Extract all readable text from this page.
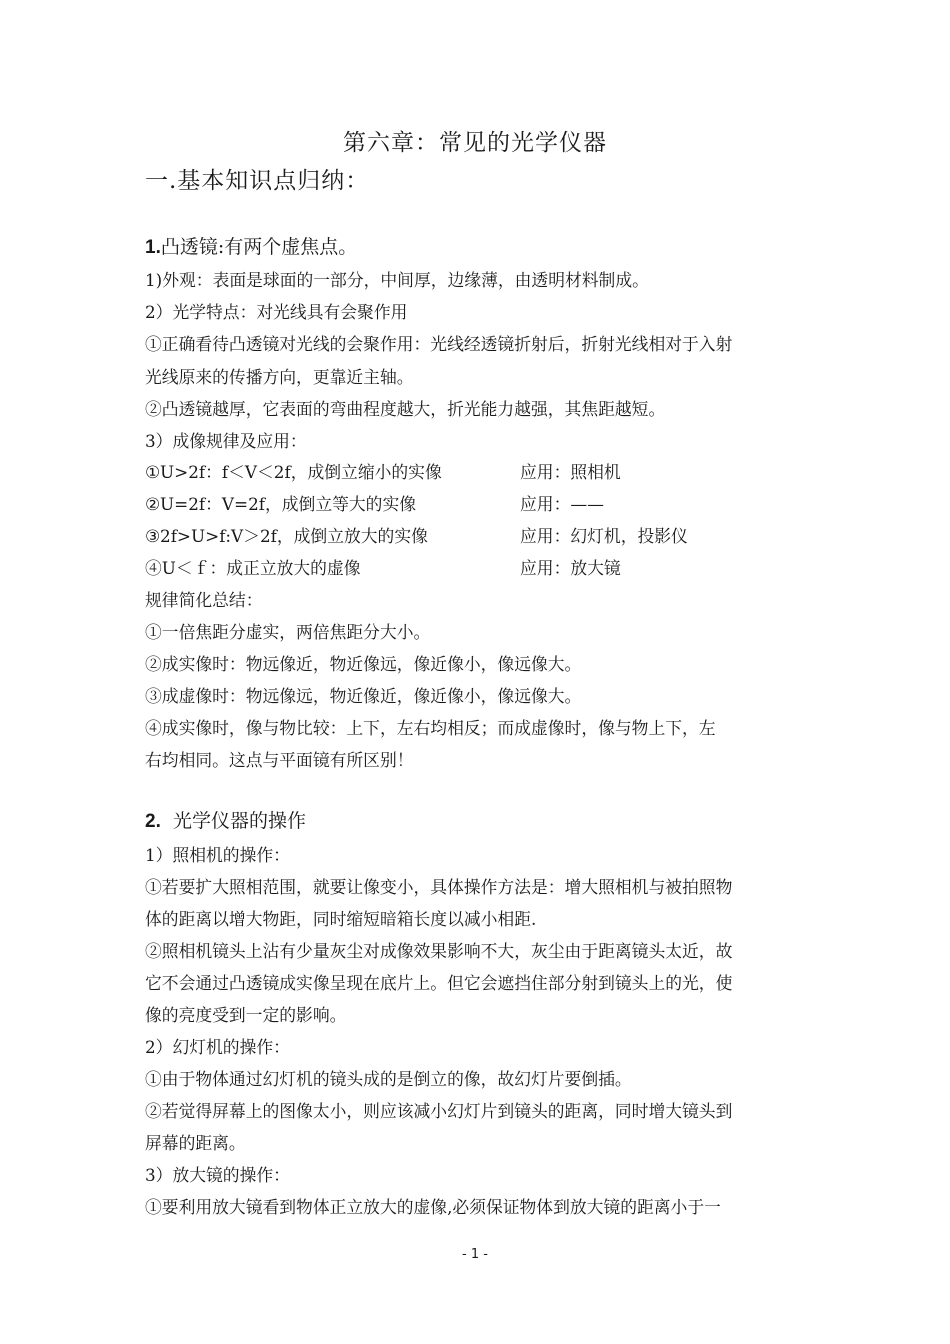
第六章：常见的光学仪器
一.基本知识点归纳：
1.凸透镜:有两个虚焦点。
1)外观：表面是球面的一部分，中间厚，边缘薄，由透明材料制成。
2）光学特点：对光线具有会聚作用
①正确看待凸透镜对光线的会聚作用：光线经透镜折射后，折射光线相对于入射
光线原来的传播方向，更靠近主轴。
②凸透镜越厚，它表面的弯曲程度越大，折光能力越强，其焦距越短。
3）成像规律及应用：
①U>2f：f＜V＜2f，成倒立缩小的实像	应用：照相机
②U=2f：V=2f，成倒立等大的实像	应用：——
③2f>U>f:V＞2f，成倒立放大的实像	应用：幻灯机，投影仪
④U＜ｆ：成正立放大的虚像	应用：放大镜
规律简化总结：
①一倍焦距分虚实，两倍焦距分大小。
②成实像时：物远像近，物近像远，像近像小，像远像大。
③成虚像时：物远像远，物近像近，像近像小，像远像大。
④成实像时，像与物比较：上下，左右均相反；而成虚像时，像与物上下，左
右均相同。这点与平面镜有所区别！
2. 光学仪器的操作
1）照相机的操作：
①若要扩大照相范围，就要让像变小，具体操作方法是：增大照相机与被拍照物
体的距离以增大物距，同时缩短暗箱长度以减小相距.
②照相机镜头上沾有少量灰尘对成像效果影响不大，灰尘由于距离镜头太近，故
它不会通过凸透镜成实像呈现在底片上。但它会遮挡住部分射到镜头上的光，使
像的亮度受到一定的影响。
2）幻灯机的操作：
①由于物体通过幻灯机的镜头成的是倒立的像，故幻灯片要倒插。
②若觉得屏幕上的图像太小，则应该减小幻灯片到镜头的距离，同时增大镜头到
屏幕的距离。
3）放大镜的操作：
①要利用放大镜看到物体正立放大的虚像,必须保证物体到放大镜的距离小于一
- 1 -
